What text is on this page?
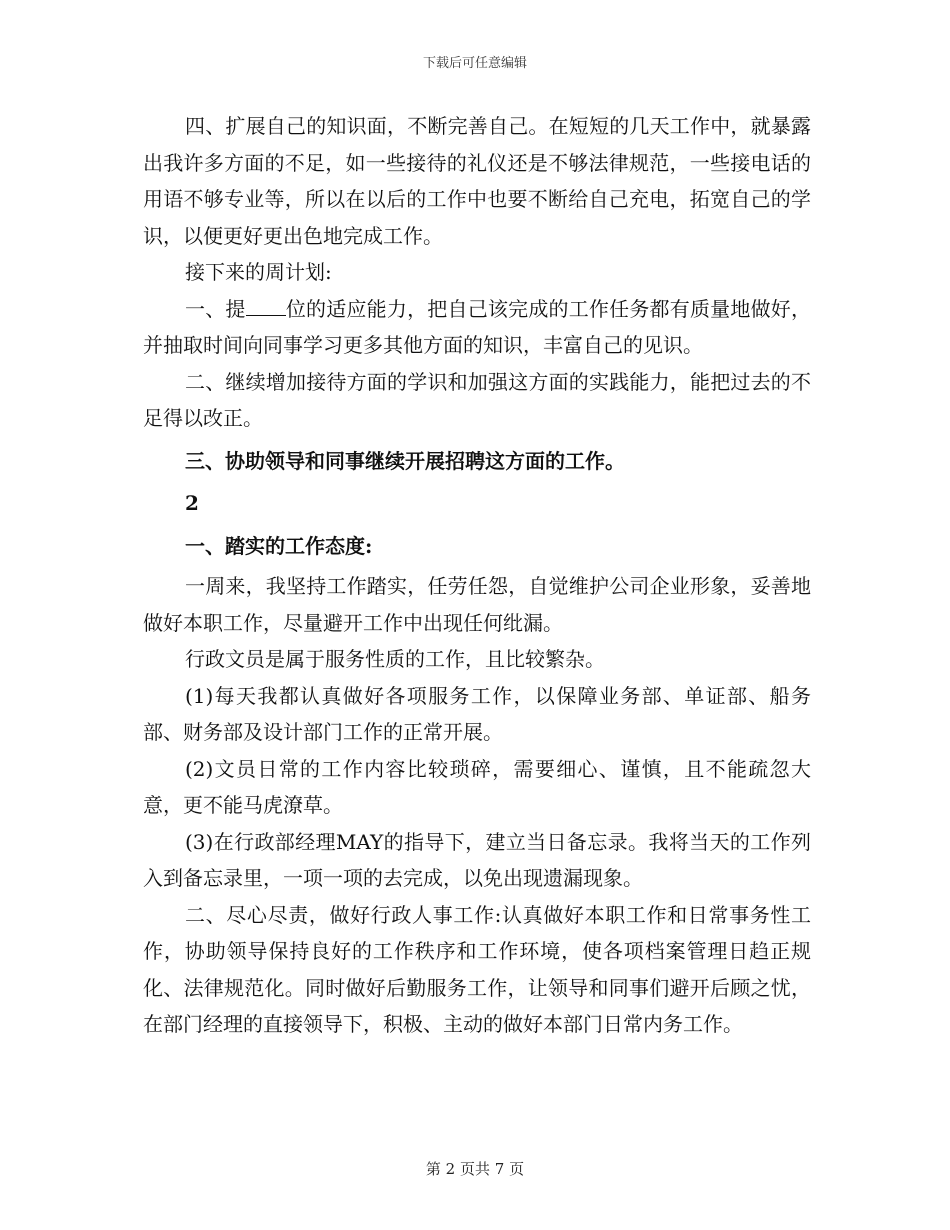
下载后可任意编辑

四、扩展自己的知识面，不断完善自己。在短短的几天工作中，就暴露出我许多方面的不足，如一些接待的礼仪还是不够法律规范，一些接电话的用语不够专业等，所以在以后的工作中也要不断给自己充电，拓宽自己的学识，以便更好更出色地完成工作。

接下来的周计划:

一、提 位的适应能力，把自己该完成的工作任务都有质量地做好，并抽取时间向同事学习更多其他方面的知识，丰富自己的见识。

二、继续增加接待方面的学识和加强这方面的实践能力，能把过去的不足得以改正。

三、协助领导和同事继续开展招聘这方面的工作。

2

一、踏实的工作态度:

一周来，我坚持工作踏实，任劳任怨，自觉维护公司企业形象，妥善地做好本职工作，尽量避开工作中出现任何纰漏。

行政文员是属于服务性质的工作，且比较繁杂。

(1)每天我都认真做好各项服务工作，以保障业务部、单证部、船务部、财务部及设计部门工作的正常开展。

(2)文员日常的工作内容比较琐碎，需要细心、谨慎，且不能疏忽大意，更不能马虎潦草。

(3)在行政部经理MAY的指导下，建立当日备忘录。我将当天的工作列入到备忘录里，一项一项的去完成，以免出现遗漏现象。

二、尽心尽责，做好行政人事工作:认真做好本职工作和日常事务性工作，协助领导保持良好的工作秩序和工作环境，使各项档案管理日趋正规化、法律规范化。同时做好后勤服务工作，让领导和同事们避开后顾之忧，在部门经理的直接领导下，积极、主动的做好本部门日常内务工作。

第 2 页共 7 页
